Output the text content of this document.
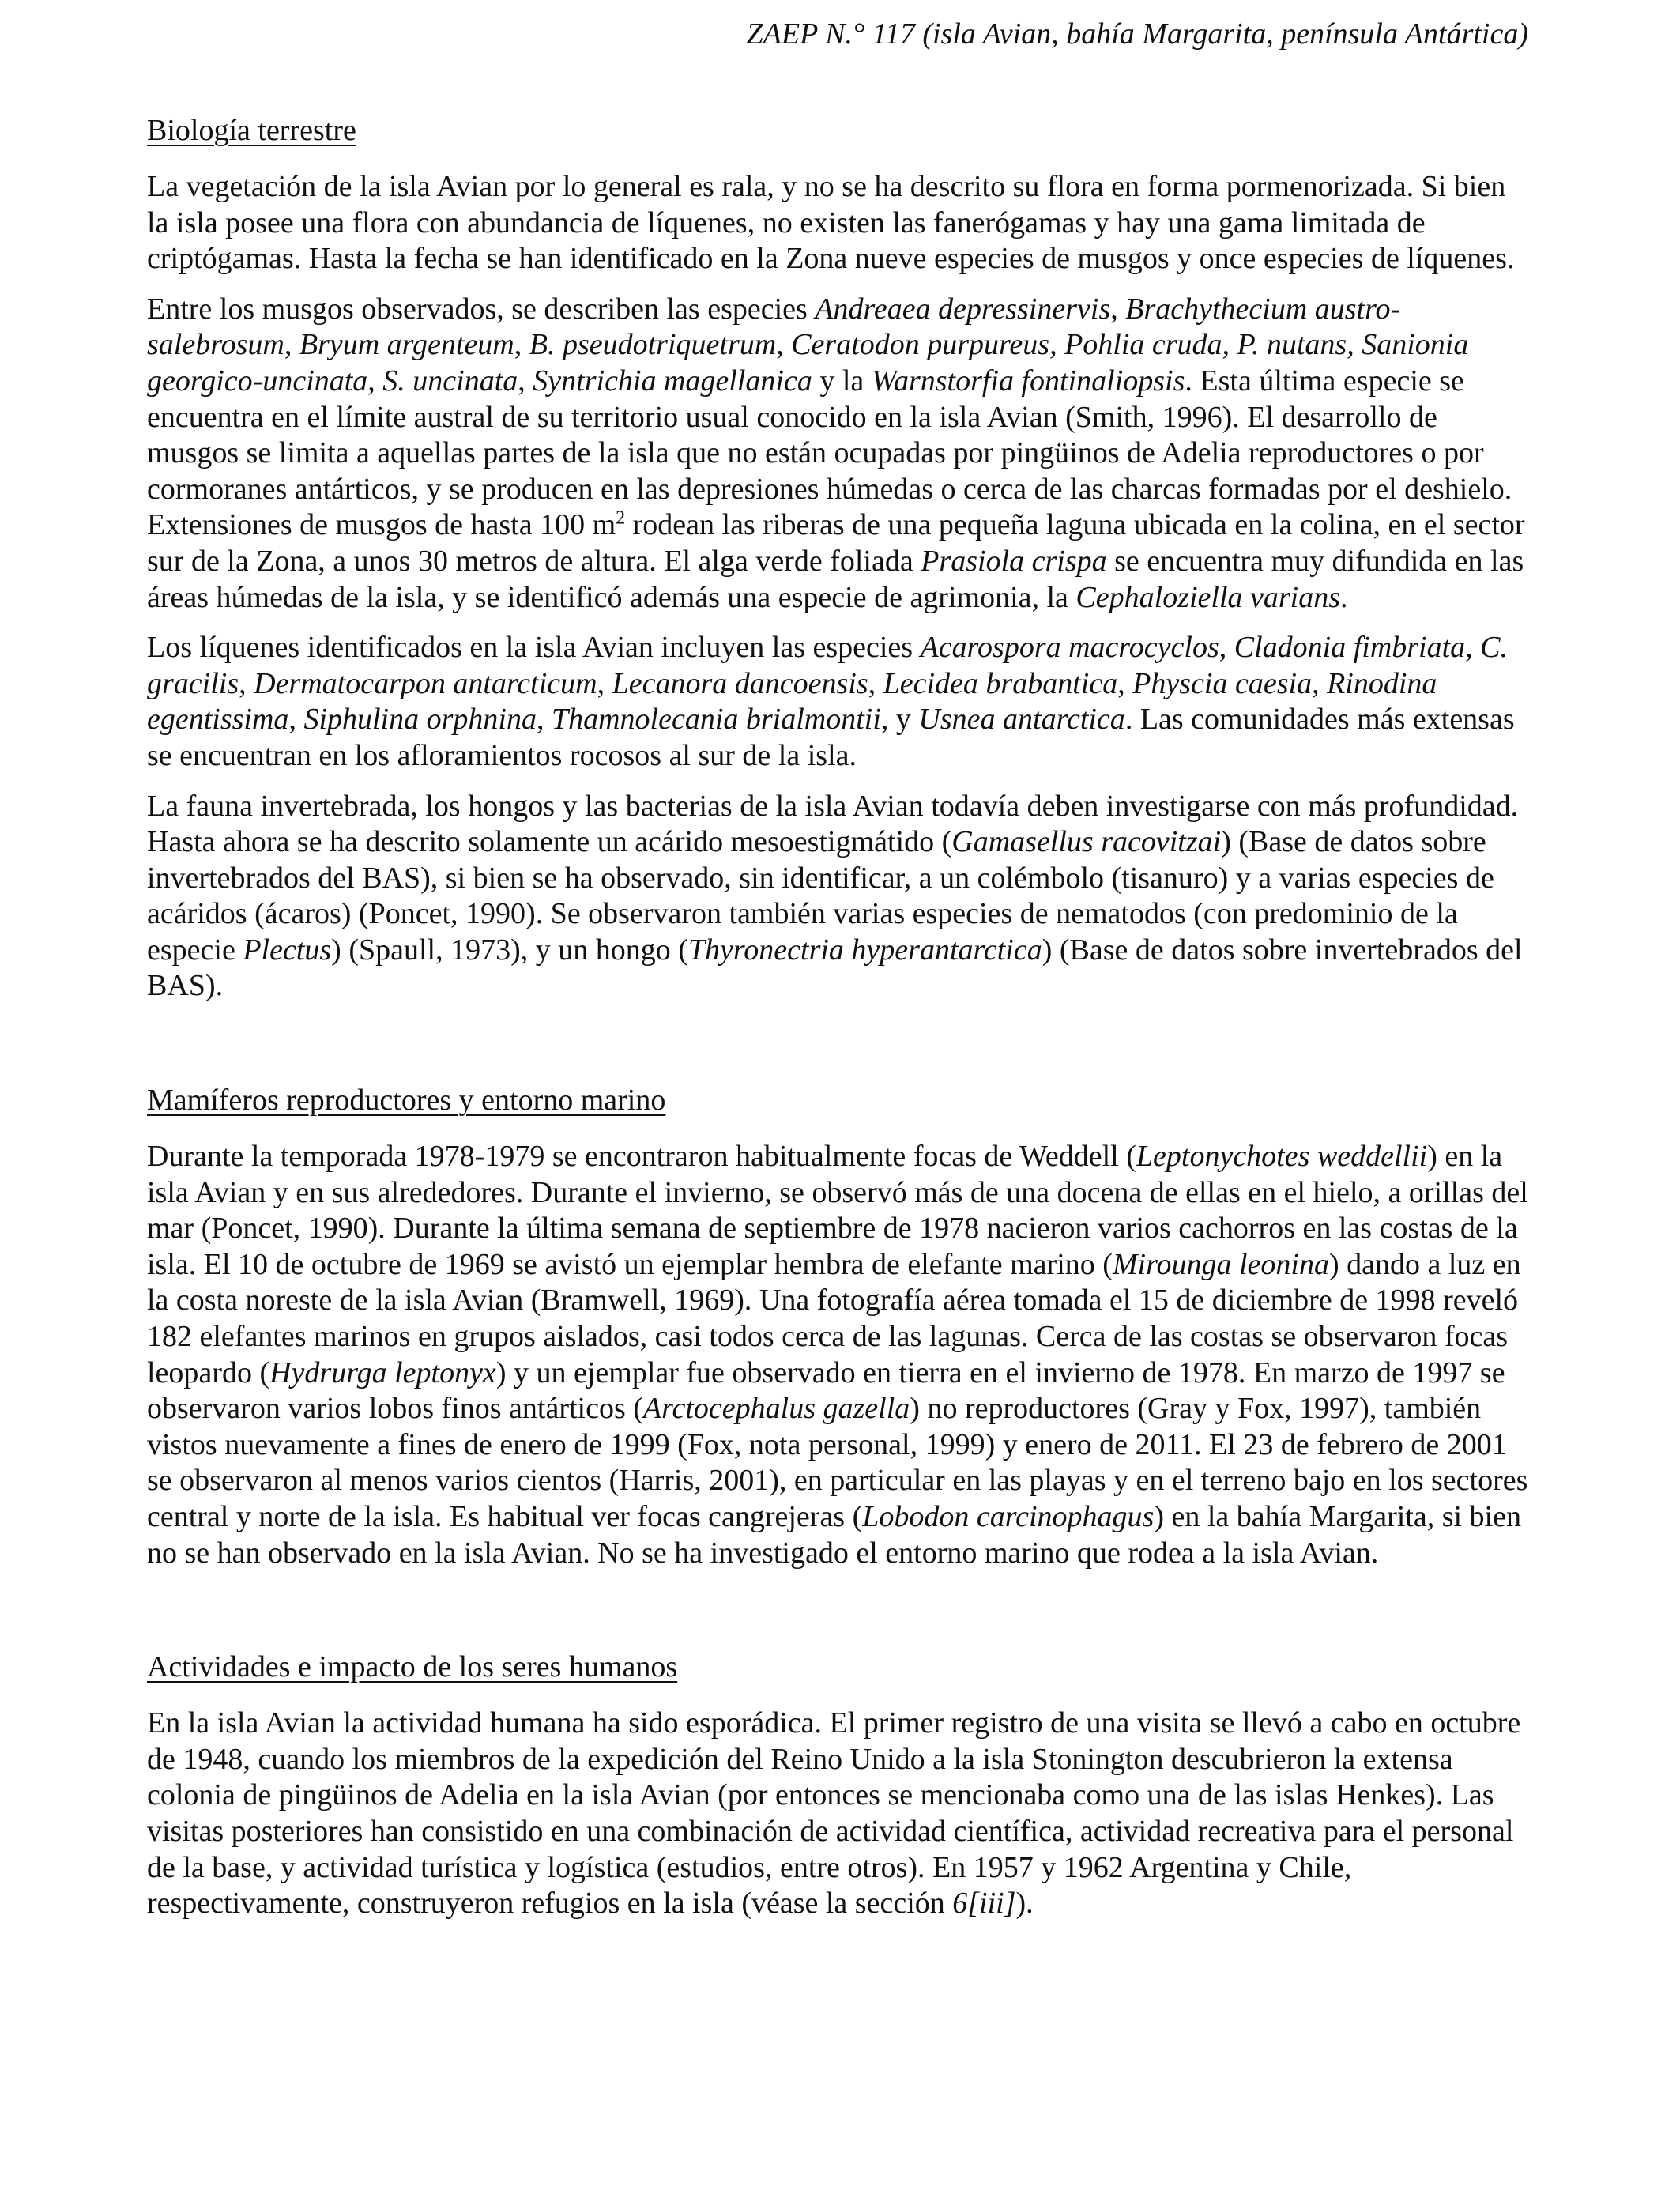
ZAEP N.° 117 (isla Avian, bahía Margarita, península Antártica)
Biología terrestre

La vegetación de la isla Avian por lo general es rala, y no se ha descrito su flora en forma pormenorizada. Si bien la isla posee una flora con abundancia de líquenes, no existen las fanerógamas y hay una gama limitada de criptógamas. Hasta la fecha se han identificado en la Zona nueve especies de musgos y once especies de líquenes.

Entre los musgos observados, se describen las especies Andreaea depressinervis, Brachythecium austro-salebrosum, Bryum argenteum, B. pseudotriquetrum, Ceratodon purpureus, Pohlia cruda, P. nutans, Sanionia georgico-uncinata, S. uncinata, Syntrichia magellanica y la Warnstorfia fontinaliopsis. Esta última especie se encuentra en el límite austral de su territorio usual conocido en la isla Avian (Smith, 1996). El desarrollo de musgos se limita a aquellas partes de la isla que no están ocupadas por pingüinos de Adelia reproductores o por cormoranes antárticos, y se producen en las depresiones húmedas o cerca de las charcas formadas por el deshielo. Extensiones de musgos de hasta 100 $m^2$ rodean las riberas de una pequeña laguna ubicada en la colina, en el sector sur de la Zona, a unos 30 metros de altura. El alga verde foliada Prasiola crispa se encuentra muy difundida en las áreas húmedas de la isla, y se identificó además una especie de agrimonia, la Cephaloziella varians.

Los líquenes identificados en la isla Avian incluyen las especies Acarospora macrocyclos, Cladonia fimbriata, C. gracilis, Dermatocarpon antarcticum, Lecanora dancoensis, Lecidea brabantica, Physcia caesia, Rinodina egentissima, Siphulina orphnina, Thamnolecania brialmontii, y Usnea antarctica. Las comunidades más extensas se encuentran en los afloramientos rocosos al sur de la isla.

La fauna invertebrada, los hongos y las bacterias de la isla Avian todavía deben investigarse con más profundidad. Hasta ahora se ha descrito solamente un acárido mesoestigmátido (Gamasellus racovitzai) (Base de datos sobre invertebrados del BAS), si bien se ha observado, sin identificar, a un colémbolo (tisanuro) y a varias especies de acáridos (ácaros) (Poncet, 1990). Se observaron también varias especies de nematodos (con predominio de la especie Plectus) (Spaull, 1973), y un hongo (Thyronectria hyperantarctica) (Base de datos sobre invertebrados del BAS).

Mamíferos reproductores y entorno marino

Durante la temporada 1978-1979 se encontraron habitualmente focas de Weddell (Leptonychotes weddellii) en la isla Avian y en sus alrededores. Durante el invierno, se observó más de una docena de ellas en el hielo, a orillas del mar (Poncet, 1990). Durante la última semana de septiembre de 1978 nacieron varios cachorros en las costas de la isla. El 10 de octubre de 1969 se avistó un ejemplar hembra de elefante marino (Mirounga leonina) dando a luz en la costa noreste de la isla Avian (Bramwell, 1969). Una fotografía aérea tomada el 15 de diciembre de 1998 reveló 182 elefantes marinos en grupos aislados, casi todos cerca de las lagunas. Cerca de las costas se observaron focas leopardo (Hydrurga leptonyx) y un ejemplar fue observado en tierra en el invierno de 1978. En marzo de 1997 se observaron varios lobos finos antárticos (Arctocephalus gazella) no reproductores (Gray y Fox, 1997), también vistos nuevamente a fines de enero de 1999 (Fox, nota personal, 1999) y enero de 2011. El 23 de febrero de 2001 se observaron al menos varios cientos (Harris, 2001), en particular en las playas y en el terreno bajo en los sectores central y norte de la isla. Es habitual ver focas cangrejeras (Lobodon carcinophagus) en la bahía Margarita, si bien no se han observado en la isla Avian. No se ha investigado el entorno marino que rodea a la isla Avian.

Actividades e impacto de los seres humanos

En la isla Avian la actividad humana ha sido esporádica. El primer registro de una visita se llevó a cabo en octubre de 1948, cuando los miembros de la expedición del Reino Unido a la isla Stonington descubrieron la extensa colonia de pingüinos de Adelia en la isla Avian (por entonces se mencionaba como una de las islas Henkes). Las visitas posteriores han consistido en una combinación de actividad científica, actividad recreativa para el personal de la base, y actividad turística y logística (estudios, entre otros). En 1957 y 1962 Argentina y Chile, respectivamente, construyeron refugios en la isla (véase la sección 6[iii]).
